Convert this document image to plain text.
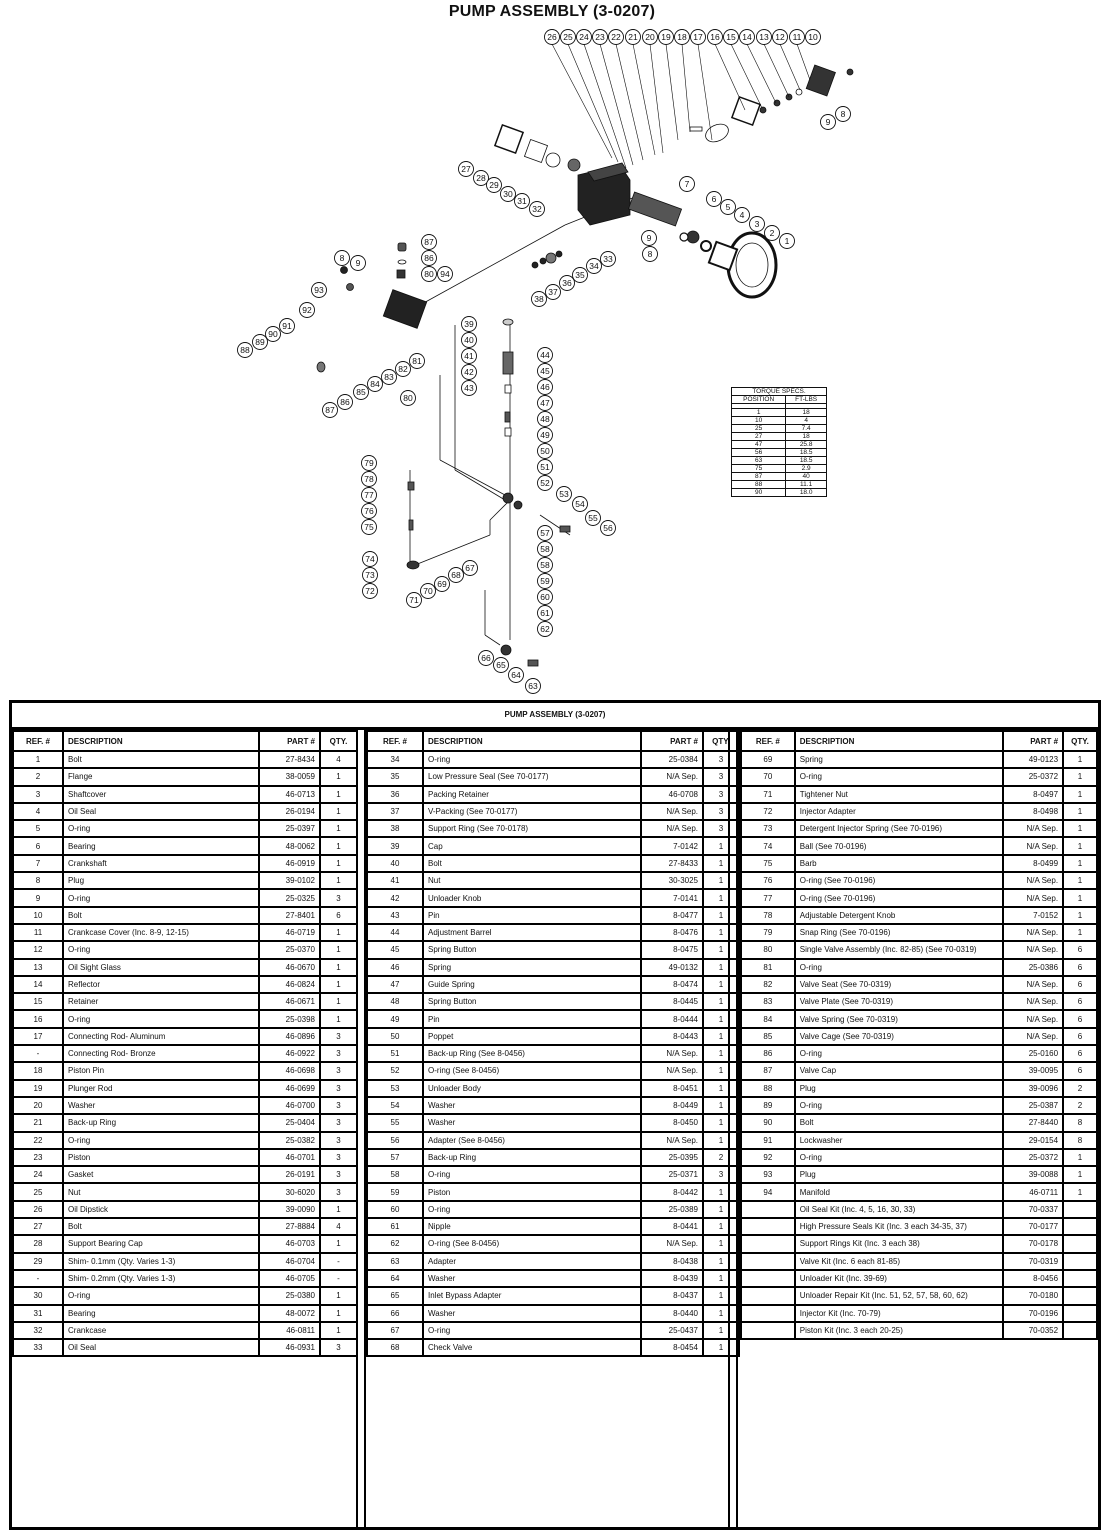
PUMP ASSEMBLY (3-0207)
1
2
3
4
5
6
7
8
8
8
9
9
9
10
11
12
13
14
15
16
17
18
19
20
21
22
23
24
25
26
27
28
29
30
31
32
33
34
35
36
37
38
39
40
41
42
43
44
45
46
47
48
49
50
51
52
53
54
55
56
57
58
58
59
60
61
62
63
64
65
66
67
68
69
70
71
72
73
74
75
76
77
78
79
80
80
81
82
83
84
85
86
86
87
87
88
89
90
91
92
93
94
TORQUE SPECS.	
POSITION	FT-LBS

1	18
10	4
25	7.4
27	18
47	25.8
56	18.5
63	18.5
75	2.9
87	40
88	11.1
90	18.0
PUMP ASSEMBLY (3-0207)
REF. #	DESCRIPTION	PART #	QTY.
1	Bolt	27-8434	4
2	Flange	38-0059	1
3	Shaftcover	46-0713	1
4	Oil Seal	26-0194	1
5	O-ring	25-0397	1
6	Bearing	48-0062	1
7	Crankshaft	46-0919	1
8	Plug	39-0102	1
9	O-ring	25-0325	3
10	Bolt	27-8401	6
11	Crankcase Cover (Inc. 8-9, 12-15)	46-0719	1
12	O-ring	25-0370	1
13	Oil Sight Glass	46-0670	1
14	Reflector	46-0824	1
15	Retainer	46-0671	1
16	O-ring	25-0398	1
17	Connecting Rod- Aluminum	46-0896	3
-	Connecting Rod- Bronze	46-0922	3
18	Piston Pin	46-0698	3
19	Plunger Rod	46-0699	3
20	Washer	46-0700	3
21	Back-up Ring	25-0404	3
22	O-ring	25-0382	3
23	Piston	46-0701	3
24	Gasket	26-0191	3
25	Nut	30-6020	3
26	Oil Dipstick	39-0090	1
27	Bolt	27-8884	4
28	Support Bearing Cap	46-0703	1
29	Shim- 0.1mm (Qty. Varies 1-3)	46-0704	-
-	Shim- 0.2mm (Qty. Varies 1-3)	46-0705	-
30	O-ring	25-0380	1
31	Bearing	48-0072	1
32	Crankcase	46-0811	1
33	Oil Seal	46-0931	3
REF. #	DESCRIPTION	PART #	QTY.
34	O-ring	25-0384	3
35	Low Pressure Seal (See 70-0177)	N/A Sep.	3
36	Packing Retainer	46-0708	3
37	V-Packing (See 70-0177)	N/A Sep.	3
38	Support Ring (See 70-0178)	N/A Sep.	3
39	Cap	7-0142	1
40	Bolt	27-8433	1
41	Nut	30-3025	1
42	Unloader Knob	7-0141	1
43	Pin	8-0477	1
44	Adjustment Barrel	8-0476	1
45	Spring Button	8-0475	1
46	Spring	49-0132	1
47	Guide Spring	8-0474	1
48	Spring Button	8-0445	1
49	Pin	8-0444	1
50	Poppet	8-0443	1
51	Back-up Ring (See 8-0456)	N/A Sep.	1
52	O-ring (See 8-0456)	N/A Sep.	1
53	Unloader Body	8-0451	1
54	Washer	8-0449	1
55	Washer	8-0450	1
56	Adapter (See 8-0456)	N/A Sep.	1
57	Back-up Ring	25-0395	2
58	O-ring	25-0371	3
59	Piston	8-0442	1
60	O-ring	25-0389	1
61	Nipple	8-0441	1
62	O-ring (See 8-0456)	N/A Sep.	1
63	Adapter	8-0438	1
64	Washer	8-0439	1
65	Inlet Bypass Adapter	8-0437	1
66	Washer	8-0440	1
67	O-ring	25-0437	1
68	Check Valve	8-0454	1
REF. #	DESCRIPTION	PART #	QTY.
69	Spring	49-0123	1
70	O-ring	25-0372	1
71	Tightener Nut	8-0497	1
72	Injector Adapter	8-0498	1
73	Detergent Injector Spring (See 70-0196)	N/A Sep.	1
74	Ball (See 70-0196)	N/A Sep.	1
75	Barb	8-0499	1
76	O-ring (See 70-0196)	N/A Sep.	1
77	O-ring (See 70-0196)	N/A Sep.	1
78	Adjustable Detergent Knob	7-0152	1
79	Snap Ring (See 70-0196)	N/A Sep.	1
80	Single Valve Assembly (Inc. 82-85) (See 70-0319)	N/A Sep.	6
81	O-ring	25-0386	6
82	Valve Seat (See 70-0319)	N/A Sep.	6
83	Valve Plate (See 70-0319)	N/A Sep.	6
84	Valve Spring (See 70-0319)	N/A Sep.	6
85	Valve Cage (See 70-0319)	N/A Sep.	6
86	O-ring	25-0160	6
87	Valve Cap	39-0095	6
88	Plug	39-0096	2
89	O-ring	25-0387	2
90	Bolt	27-8440	8
91	Lockwasher	29-0154	8
92	O-ring	25-0372	1
93	Plug	39-0088	1
94	Manifold	46-0711	1
	Oil Seal Kit (Inc. 4, 5, 16, 30, 33)	70-0337	
	High Pressure Seals Kit (Inc. 3 each 34-35, 37)	70-0177	
	Support Rings Kit (Inc. 3 each 38)	70-0178	
	Valve Kit (Inc. 6 each 81-85)	70-0319	
	Unloader Kit (Inc. 39-69)	8-0456	
	Unloader Repair Kit (Inc. 51, 52, 57, 58, 60, 62)	70-0180	
	Injector Kit (Inc. 70-79)	70-0196	
	Piston Kit (Inc. 3 each 20-25)	70-0352	
